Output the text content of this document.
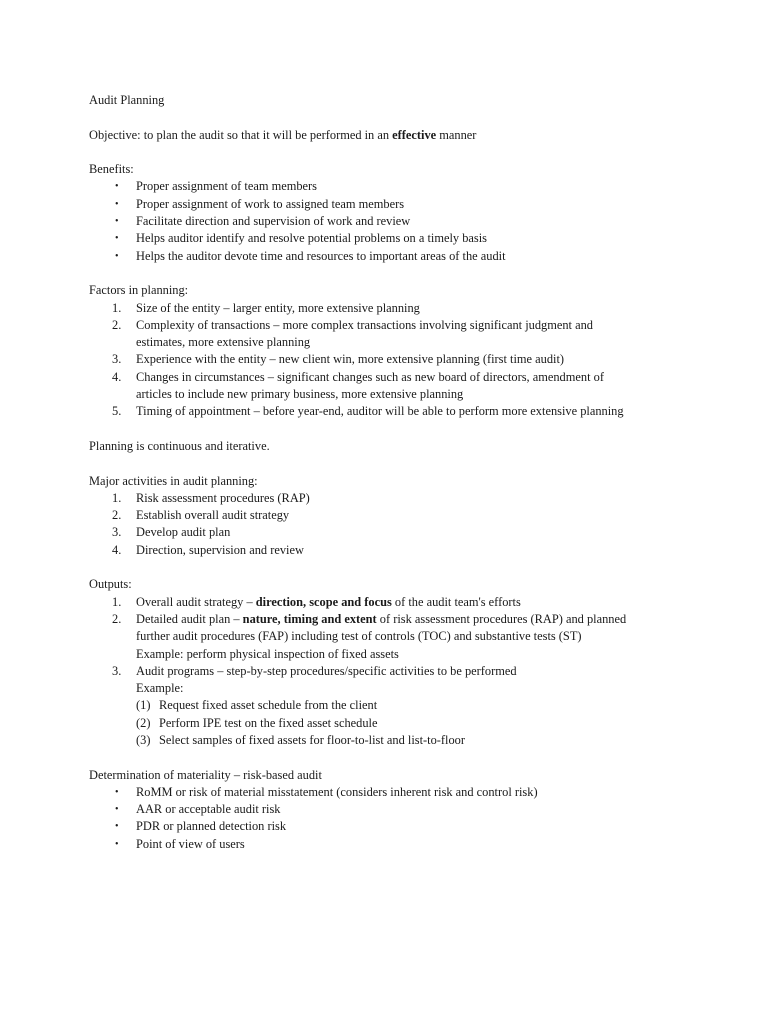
Audit Planning

Objective: to plan the audit so that it will be performed in an effective manner

Benefits:

• Proper assignment of team members
• Proper assignment of work to assigned team members
• Facilitate direction and supervision of work and review
• Helps auditor identify and resolve potential problems on a timely basis
• Helps the auditor devote time and resources to important areas of the audit

Factors in planning:

1. Size of the entity – larger entity, more extensive planning
2. Complexity of transactions – more complex transactions involving significant judgment and
estimates, more extensive planning
3. Experience with the entity – new client win, more extensive planning (first time audit)
4. Changes in circumstances – significant changes such as new board of directors, amendment of
articles to include new primary business, more extensive planning
5. Timing of appointment – before year-end, auditor will be able to perform more extensive planning

Planning is continuous and iterative.

Major activities in audit planning:

1. Risk assessment procedures (RAP)
2. Establish overall audit strategy
3. Develop audit plan
4. Direction, supervision and review

Outputs:

1. Overall audit strategy – direction, scope and focus of the audit team's efforts
2. Detailed audit plan – nature, timing and extent of risk assessment procedures (RAP) and planned
further audit procedures (FAP) including test of controls (TOC) and substantive tests (ST)
Example: perform physical inspection of fixed assets
3. Audit programs – step-by-step procedures/specific activities to be performed
Example:
(1) Request fixed asset schedule from the client
(2) Perform IPE test on the fixed asset schedule
(3) Select samples of fixed assets for floor-to-list and list-to-floor

Determination of materiality – risk-based audit

• RoMM or risk of material misstatement (considers inherent risk and control risk)
• AAR or acceptable audit risk
• PDR or planned detection risk
• Point of view of users
